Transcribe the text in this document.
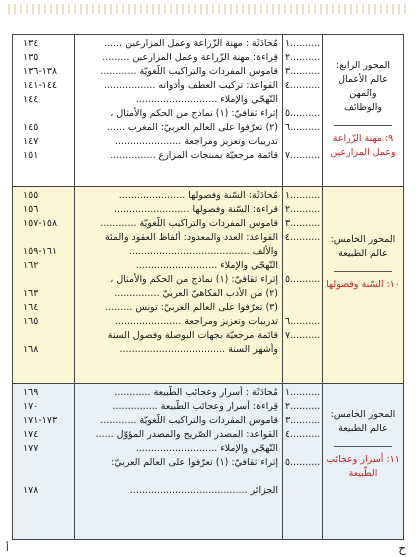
١٣٤
١٣٥
١٣٨-١٣٦
١٤٤-١٤١
١٤٤
١٤٥
١٤٧
١٥١
مُحادَثَة : مهنة الزّراعة وعمل المزارعين ......
قِراءة: مهنة الزّراعة وعمل المزارعين .........
قاموس المفردات والتراكيب اللّغويّة ............
القواعد: تركيب العطف وأدواته .................
التّهجّي والإملاء ...........................
إثراء ثقافيّ: (١) نماذج من الحكم والأمثال ،
(٢) تعرّفوا على العالم العربيّ: المغرب ......
تدريبات وتعزيز ومراجعة ......................
قائمة مرجعيّة بمنتجات المزارع ...............
١..........
٢..........
٣..........
٤..........
٥..........
٦..........
٧..........
المحور الرابع:
عالم الأعمال والمهن
والوظائف
٩: مهنة الزّراعة
وعمل المزارعين
١٥٥
١٥٦
١٥٨-١٥٧
١٦١-١٥٩
١٦٢
١٦٣
١٦٤
١٦٥
١٦٨
مُحادَثَة: السّنة وفصولها ......................
قراءة: السّنة وفصولها .........................
قاموس المفردات والتراكيب اللّغويّة ............
القواعد: العدد والمعدود: ألفاظ العقود والمئة
والألف ........................................
التّهجّي والإملاء ...........................
إثراء ثقافيّ: (١) نماذج من الحكم والأمثال ،
(٢) من الأدب الفكاهيّ العربيّ ...............
(٣) تعرّفوا على العالم العربيّ: تونس .........
تدريبات وتعزيز ومراجعة ......................
قائمة مرجعيّة بجهات البوصلة وفصول السنة
وأشهر السنة ...................................
١..........
٢..........
٣..........
٤..........
٥..........
٦..........
٧..........
المحور الخامس:
عالم الطبيعة
١٠: السّنة وفصولها
١٦٩
١٧٠
١٧٣-١٧١
١٧٤
١٧٧
١٧٨
مُحادَثَة : أسرار وعجائب الطّبيعة ............
قِراءة: أسرار وعجائب الطّبيعة ...............
قاموس المفردات والتراكيب اللّغويّة ............
القواعد: المصدر الصّريح والمصدر المؤوّل ......
التّهجّي والإملاء ...........................
إثراء ثقافيّ: (١) تعرّفوا على العالم العربيّ:
الجزائر .......................................
١..........
٢..........
٣..........
٤..........
٥..........
المحور الخامس:
عالم الطبيعة
١١: أسرار وعجائب
الطّبيعة
أ	ح
